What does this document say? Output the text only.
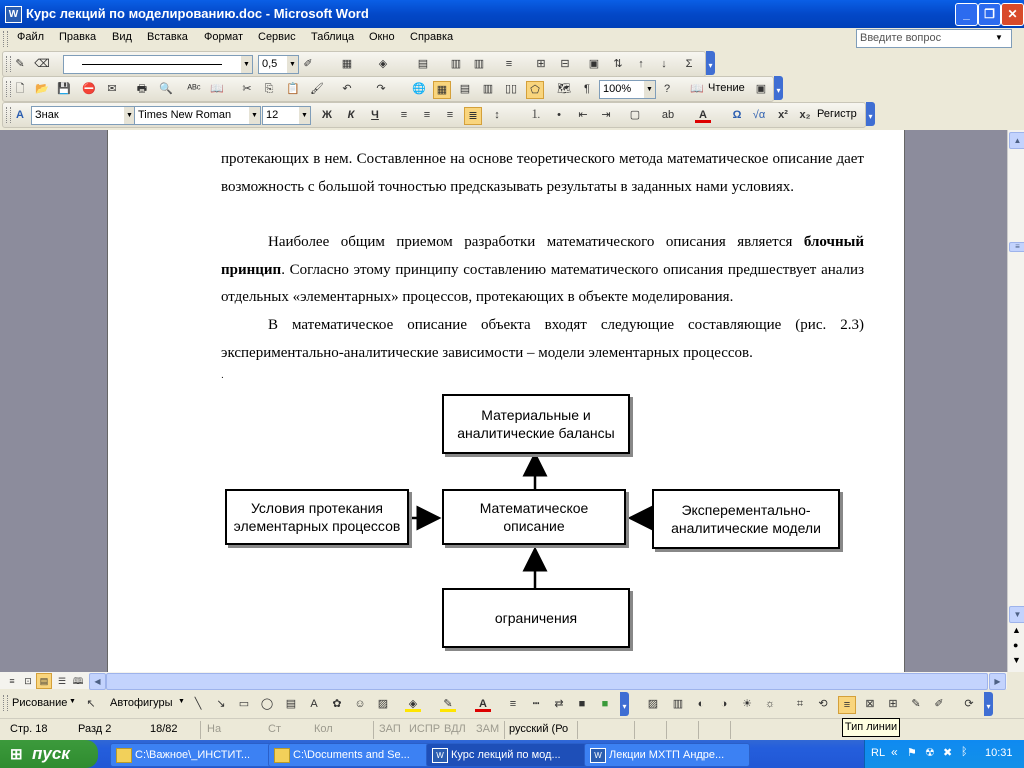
W Курс лекций по моделированию.doc - Microsoft Word	_	❐	✕
Файл Правка Вид Вставка Формат Сервис Таблица Окно Справка	Введите вопрос	▼
✎ ⌫	▼	0,5 ▼ ✐	▦	◈	▤ ▥ ▥	≡	⊞	⊟	▣	⇅	↑	↓	Σ	▾
🗋 📂 💾 ⛔	✉	🖶 🔍 ᴬᴮᶜ 📖	✂	⎘	📋 🖌	↶	↷	🌐 ▦	▤ ▥ ▯▯	⬠	🗺	¶	100% ▼ ?	📖 Чтение ▣	▾
A	Знак	▼ Times New Roman	▼ 12	▼ Ж	К	Ч	≡	≡	≡	≣	↕	⒈	•	⇤	⇥	▢ ab	A	Ω	√α x² x₂ Регистр	▾

протекающих в нем. Составленное на основе теоретического метода математическое описание дает возможность с большой точностью предсказывать результаты в заданных нами условиях.

Наиболее общим приемом разработки математического описания является блочный принцип. Согласно этому принципу составлению математического описания предшествует анализ отдельных «элементарных» процессов, протекающих в объекте моделирования.

В математическое описание объекта входят следующие составляющие (рис. 2.3) экспериментально-аналитические зависимости – модели элементарных процессов.

.
Материальные и аналитические балансы
Условия протекания элементарных процессов
Математическое описание
Эксперементально-аналитические модели
ограничения
▲
≡
▼
▲
●
▼
≡	⊡ ▤	☰ 🕮	◀	▶
Рисование ▼ ↖	Автофигуры ▼ ╲	↘	▭ ◯ ▤	A	✿	☺ ▨	◈	✎	A	≡	┅	⇄	■	■	▾ ▨ ▥	◐	◑	☀ ☼	⌗	⟲	≡	⊠	⊞	✎	✐	⟳	▾
Стр. 18	Разд 2	18/82	На	Ст	Кол	ЗАП ИСПР ВДЛ ЗАМ русский (Ро	Тип линии
⊞ пуск	C:\Важное\_ИНСТИТ...	C:\Documents and Se...	W Курс лекций по мод...	W Лекции МХТП Андре...	RL « ⚑ ☢ ✖ ᛒ 10:31
